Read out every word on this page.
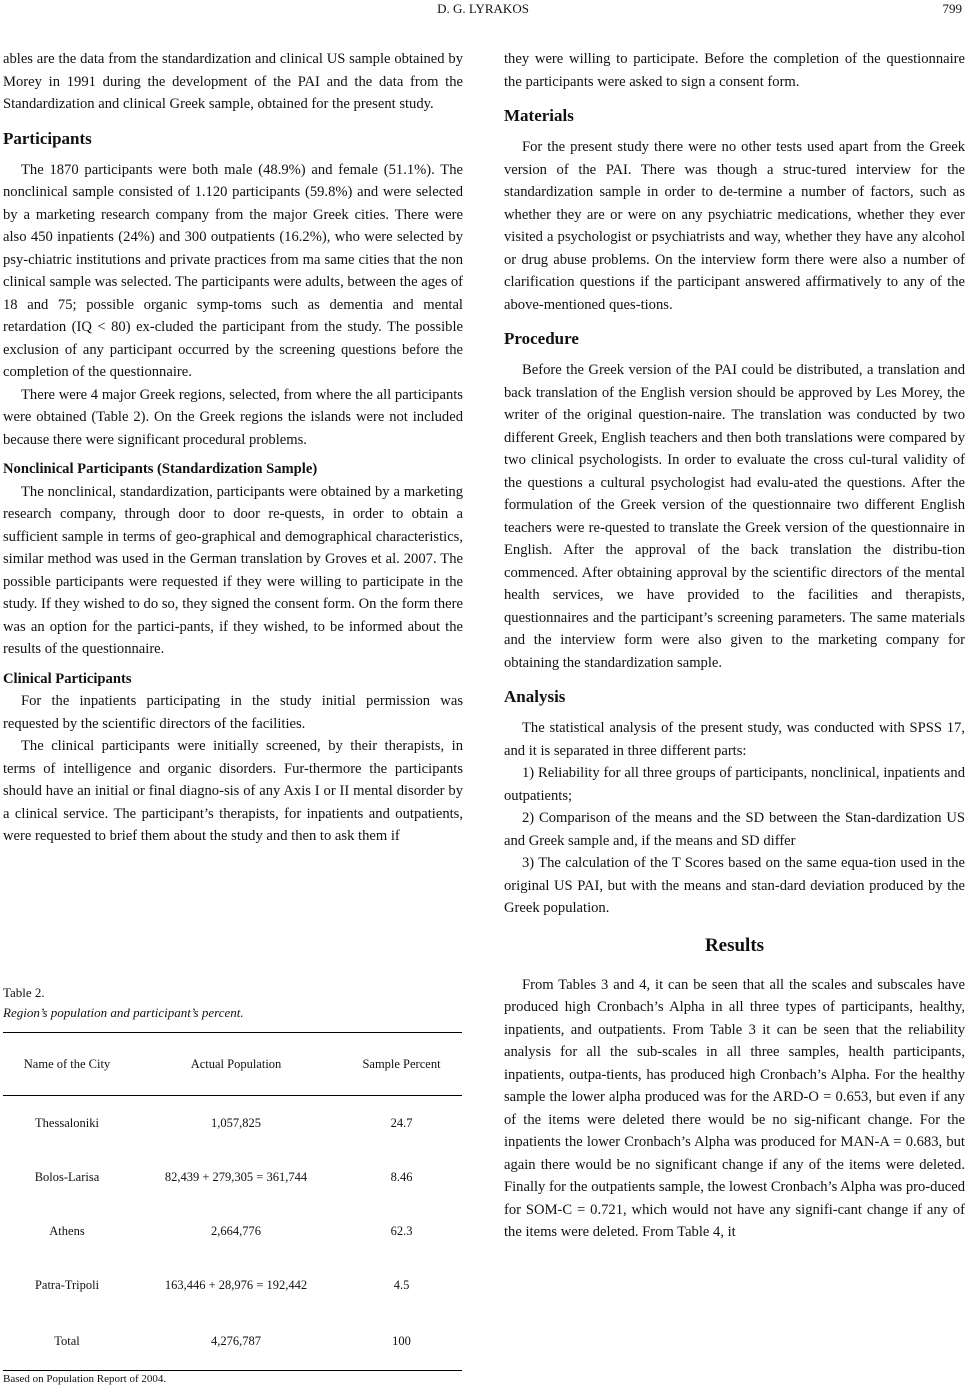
D. G. LYRAKOS	799

ables are the data from the standardization and clinical US sample obtained by Morey in 1991 during the development of the PAI and the data from the Standardization and clinical Greek sample, obtained for the present study.

Participants

The 1870 participants were both male (48.9%) and female (51.1%). The nonclinical sample consisted of 1.120 participants (59.8%) and were selected by a marketing research company from the major Greek cities. There were also 450 inpatients (24%) and 300 outpatients (16.2%), who were selected by psy-chiatric institutions and private practices from ma same cities that the non clinical sample was selected. The participants were adults, between the ages of 18 and 75; possible organic symp-toms such as dementia and mental retardation (IQ < 80) ex-cluded the participant from the study. The possible exclusion of any participant occurred by the screening questions before the completion of the questionnaire.

There were 4 major Greek regions, selected, from where the all participants were obtained (Table 2). On the Greek regions the islands were not included because there were significant procedural problems.

Nonclinical Participants (Standardization Sample)

The nonclinical, standardization, participants were obtained by a marketing research company, through door to door re-quests, in order to obtain a sufficient sample in terms of geo-graphical and demographical characteristics, similar method was used in the German translation by Groves et al. 2007. The possible participants were requested if they were willing to participate in the study. If they wished to do so, they signed the consent form. On the form there was an option for the partici-pants, if they wished, to be informed about the results of the questionnaire.

Clinical Participants

For the inpatients participating in the study initial permission was requested by the scientific directors of the facilities.

The clinical participants were initially screened, by their therapists, in terms of intelligence and organic disorders. Fur-thermore the participants should have an initial or final diagno-sis of any Axis I or II mental disorder by a clinical service. The participant’s therapists, for inpatients and outpatients, were requested to brief them about the study and then to ask them if

Table 2.
Region’s population and participant’s percent.
Name of the City	Actual Population	Sample Percent
Thessaloniki	1,057,825	24.7
Bolos-Larisa	82,439 + 279,305 = 361,744	8.46
Athens	2,664,776	62.3
Patra-Tripoli	163,446 + 28,976 = 192,442	4.5
Total	4,276,787	100
Based on Population Report of 2004.

they were willing to participate. Before the completion of the questionnaire the participants were asked to sign a consent form.

Materials

For the present study there were no other tests used apart from the Greek version of the PAI. There was though a struc-tured interview for the standardization sample in order to de-termine a number of factors, such as whether they are or were on any psychiatric medications, whether they ever visited a psychologist or psychiatrists and way, whether they have any alcohol or drug abuse problems. On the interview form there were also a number of clarification questions if the participant answered affirmatively to any of the above-mentioned ques-tions.

Procedure

Before the Greek version of the PAI could be distributed, a translation and back translation of the English version should be approved by Les Morey, the writer of the original question-naire. The translation was conducted by two different Greek, English teachers and then both translations were compared by two clinical psychologists. In order to evaluate the cross cul-tural validity of the questions a cultural psychologist had evalu-ated the questions. After the formulation of the Greek version of the questionnaire two different English teachers were re-quested to translate the Greek version of the questionnaire in English. After the approval of the back translation the distribu-tion commenced. After obtaining approval by the scientific directors of the mental health services, we have provided to the facilities and therapists, questionnaires and the participant’s screening parameters. The same materials and the interview form were also given to the marketing company for obtaining the standardization sample.

Analysis

The statistical analysis of the present study, was conducted with SPSS 17, and it is separated in three different parts:

1) Reliability for all three groups of participants, nonclinical, inpatients and outpatients;

2) Comparison of the means and the SD between the Stan-dardization US and Greek sample and, if the means and SD differ

3) The calculation of the T Scores based on the same equa-tion used in the original US PAI, but with the means and stan-dard deviation produced by the Greek population.

Results

From Tables 3 and 4, it can be seen that all the scales and subscales have produced high Cronbach’s Alpha in all three types of participants, healthy, inpatients, and outpatients. From Table 3 it can be seen that the reliability analysis for all the sub-scales in all three samples, health participants, inpatients, outpa-tients, has produced high Cronbach’s Alpha. For the healthy sample the lower alpha produced was for the ARD-O = 0.653, but even if any of the items were deleted there would be no sig-nificant change. For the inpatients the lower Cronbach’s Alpha was produced for MAN-A = 0.683, but again there would be no significant change if any of the items were deleted. Finally for the outpatients sample, the lowest Cronbach’s Alpha was pro-duced for SOM-C = 0.721, which would not have any signifi-cant change if any of the items were deleted. From Table 4, it
